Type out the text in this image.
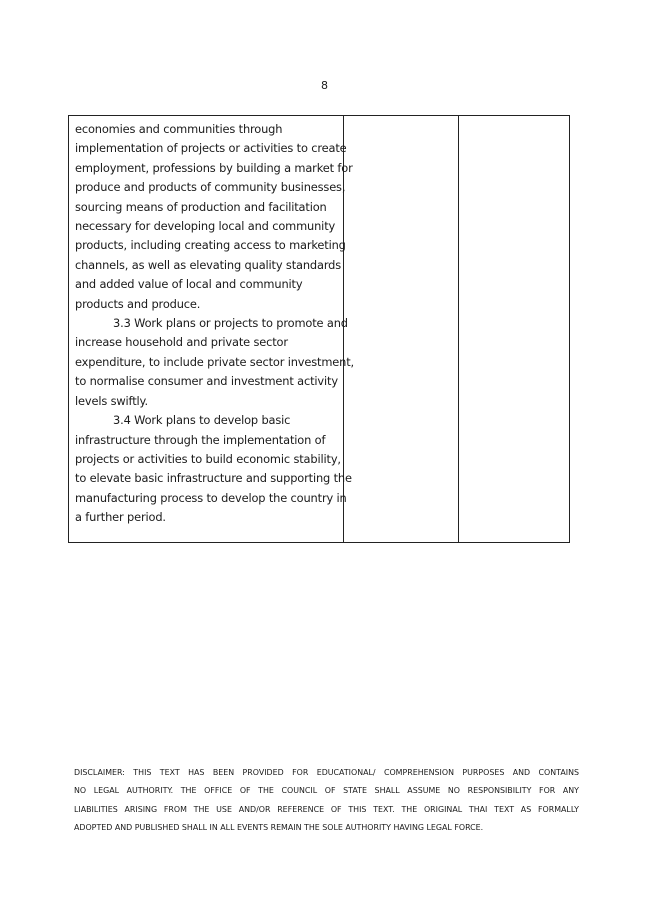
8
economies and communities through
implementation of projects or activities to create
employment, professions by building a market for
produce and products of community businesses,
sourcing means of production and facilitation
necessary for developing local and community
products, including creating access to marketing
channels, as well as elevating quality standards
and added value of local and community
products and produce.
3.3 Work plans or projects to promote and
increase household and private sector
expenditure, to include private sector investment,
to normalise consumer and investment activity
levels swiftly.
3.4 Work plans to develop basic
infrastructure through the implementation of
projects or activities to build economic stability,
to elevate basic infrastructure and supporting the
manufacturing process to develop the country in
a further period.

DISCLAIMER: THIS TEXT HAS BEEN PROVIDED FOR EDUCATIONAL/ COMPREHENSION PURPOSES AND CONTAINS
NO LEGAL AUTHORITY. THE OFFICE OF THE COUNCIL OF STATE SHALL ASSUME NO RESPONSIBILITY FOR ANY
LIABILITIES ARISING FROM THE USE AND/OR REFERENCE OF THIS TEXT. THE ORIGINAL THAI TEXT AS FORMALLY
ADOPTED AND PUBLISHED SHALL IN ALL EVENTS REMAIN THE SOLE AUTHORITY HAVING LEGAL FORCE.
